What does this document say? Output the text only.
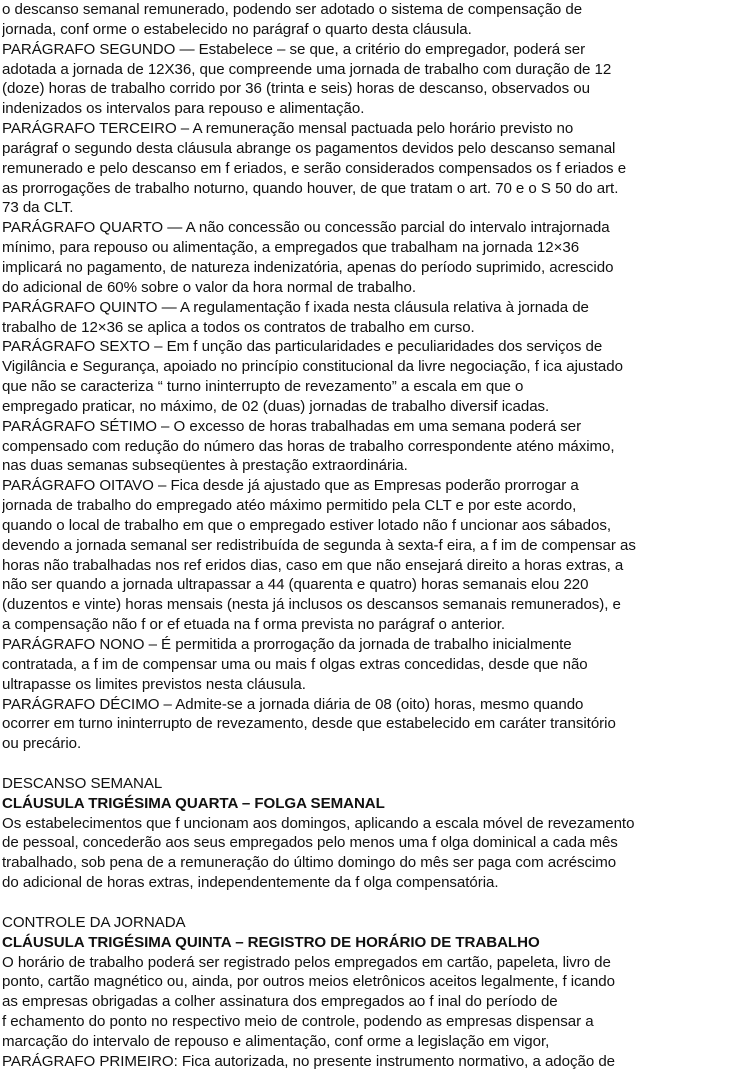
o descanso semanal remunerado, podendo ser adotado o sistema de compensação de
jornada, conf orme o estabelecido no parágraf o quarto desta cláusula.
PARÁGRAFO SEGUNDO — Estabelece – se que, a critério do empregador, poderá ser
adotada a jornada de 12X36, que compreende uma jornada de trabalho com duração de 12
(doze) horas de trabalho corrido por 36 (trinta e seis) horas de descanso, observados ou
indenizados os intervalos para repouso e alimentação.
PARÁGRAFO TERCEIRO – A remuneração mensal pactuada pelo horário previsto no
parágraf o segundo desta cláusula abrange os pagamentos devidos pelo descanso semanal
remunerado e pelo descanso em f eriados, e serão considerados compensados os f eriados e
as prorrogações de trabalho noturno, quando houver, de que tratam o art. 70 e o S 50 do art.
73 da CLT.
PARÁGRAFO QUARTO — A não concessão ou concessão parcial do intervalo intrajornada
mínimo, para repouso ou alimentação, a empregados que trabalham na jornada 12×36
implicará no pagamento, de natureza indenizatória, apenas do período suprimido, acrescido
do adicional de 60% sobre o valor da hora normal de trabalho.
PARÁGRAFO QUINTO — A regulamentação f ixada nesta cláusula relativa à jornada de
trabalho de 12×36 se aplica a todos os contratos de trabalho em curso.
PARÁGRAFO SEXTO – Em f unção das particularidades e peculiaridades dos serviços de
Vigilância e Segurança, apoiado no princípio constitucional da livre negociação, f ica ajustado
que não se caracteriza “ turno ininterrupto de revezamento” a escala em que o
empregado praticar, no máximo, de 02 (duas) jornadas de trabalho diversif icadas.
PARÁGRAFO SÉTIMO – O excesso de horas trabalhadas em uma semana poderá ser
compensado com redução do número das horas de trabalho correspondente aténo máximo,
nas duas semanas subseqüentes à prestação extraordinária.
PARÁGRAFO OITAVO – Fica desde já ajustado que as Empresas poderão prorrogar a
jornada de trabalho do empregado atéo máximo permitido pela CLT e por este acordo,
quando o local de trabalho em que o empregado estiver lotado não f uncionar aos sábados,
devendo a jornada semanal ser redistribuída de segunda à sexta-f eira, a f im de compensar as
horas não trabalhadas nos ref eridos dias, caso em que não ensejará direito a horas extras, a
não ser quando a jornada ultrapassar a 44 (quarenta e quatro) horas semanais elou 220
(duzentos e vinte) horas mensais (nesta já inclusos os descansos semanais remunerados), e
a compensação não f or ef etuada na f orma prevista no parágraf o anterior.
PARÁGRAFO NONO – É permitida a prorrogação da jornada de trabalho inicialmente
contratada, a f im de compensar uma ou mais f olgas extras concedidas, desde que não
ultrapasse os limites previstos nesta cláusula.
PARÁGRAFO DÉCIMO – Admite-se a jornada diária de 08 (oito) horas, mesmo quando
ocorrer em turno ininterrupto de revezamento, desde que estabelecido em caráter transitório
ou precário.
DESCANSO SEMANAL
CLÁUSULA TRIGÉSIMA QUARTA – FOLGA SEMANAL
Os estabelecimentos que f uncionam aos domingos, aplicando a escala móvel de revezamento
de pessoal, concederão aos seus empregados pelo menos uma f olga dominical a cada mês
trabalhado, sob pena de a remuneração do último domingo do mês ser paga com acréscimo
do adicional de horas extras, independentemente da f olga compensatória.
CONTROLE DA JORNADA
CLÁUSULA TRIGÉSIMA QUINTA – REGISTRO DE HORÁRIO DE TRABALHO
O horário de trabalho poderá ser registrado pelos empregados em cartão, papeleta, livro de
ponto, cartão magnético ou, ainda, por outros meios eletrônicos aceitos legalmente, f icando
as empresas obrigadas a colher assinatura dos empregados ao f inal do período de
f echamento do ponto no respectivo meio de controle, podendo as empresas dispensar a
marcação do intervalo de repouso e alimentação, conf orme a legislação em vigor,
PARÁGRAFO PRIMEIRO: Fica autorizada, no presente instrumento normativo, a adoção de
